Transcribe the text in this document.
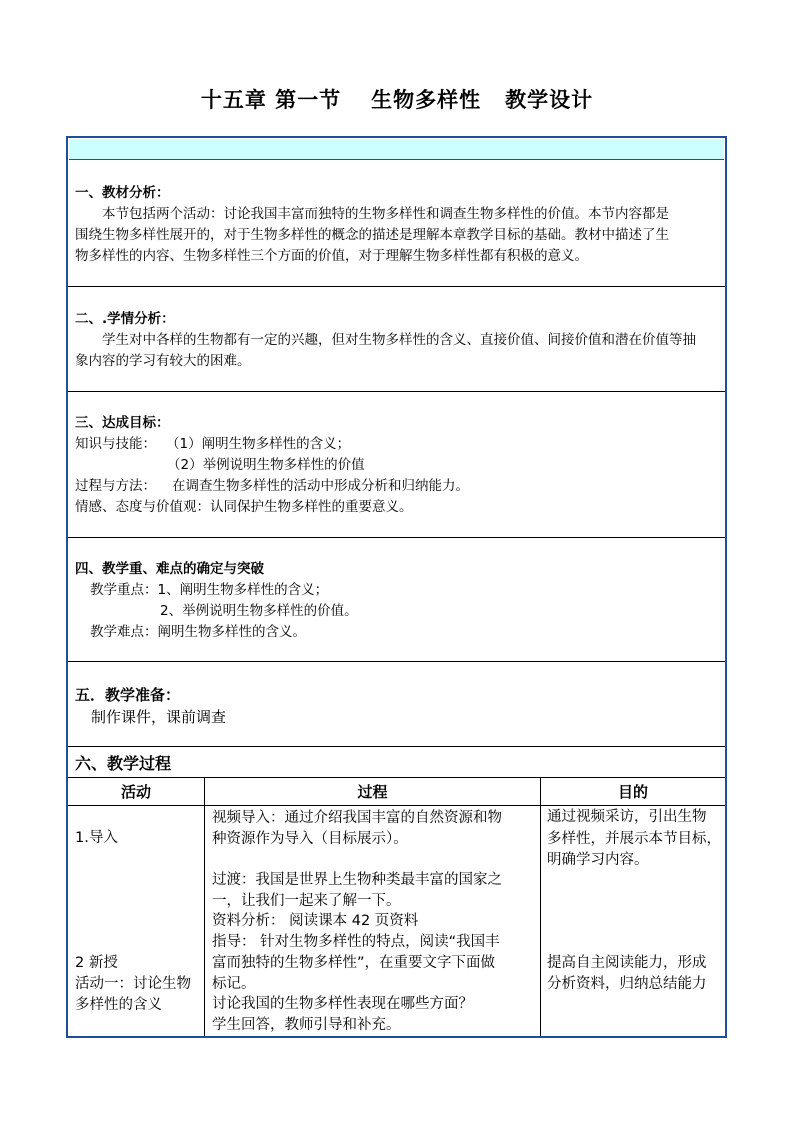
十五章 第一节 生物多样性 教学设计
一、教材分析：
本节包括两个活动：讨论我国丰富而独特的生物多样性和调查生物多样性的价值。本节内容都是
围绕生物多样性展开的，对于生物多样性的概念的描述是理解本章教学目标的基础。教材中描述了生
物多样性的内容、生物多样性三个方面的价值，对于理解生物多样性都有积极的意义。
二、.学情分析：
学生对中各样的生物都有一定的兴趣，但对生物多样性的含义、直接价值、间接价值和潜在价值等抽
象内容的学习有较大的困难。
三、达成目标：
知识与技能： （1）阐明生物多样性的含义；
（2）举例说明生物多样性的价值
过程与方法： 在调查生物多样性的活动中形成分析和归纳能力。
情感、态度与价值观：认同保护生物多样性的重要意义。
四、教学重、难点的确定与突破
教学重点：1、阐明生物多样性的含义；
2、举例说明生物多样性的价值。
教学难点：阐明生物多样性的含义。
五．教学准备：
制作课件，课前调查
六、教学过程
活动	过程	目的
1.导入
2 新授
活动一：讨论生物
多样性的含义
视频导入：通过介绍我国丰富的自然资源和物
种资源作为导入（目标展示）。
过渡：我国是世界上生物种类最丰富的国家之
一，让我们一起来了解一下。
资料分析： 阅读课本 42 页资料
指导： 针对生物多样性的特点，阅读“我国丰
富而独特的生物多样性”，在重要文字下面做
标记。
讨论我国的生物多样性表现在哪些方面？
学生回答，教师引导和补充。
通过视频采访，引出生物
多样性，并展示本节目标，
明确学习内容。
提高自主阅读能力，形成
分析资料，归纳总结能力
